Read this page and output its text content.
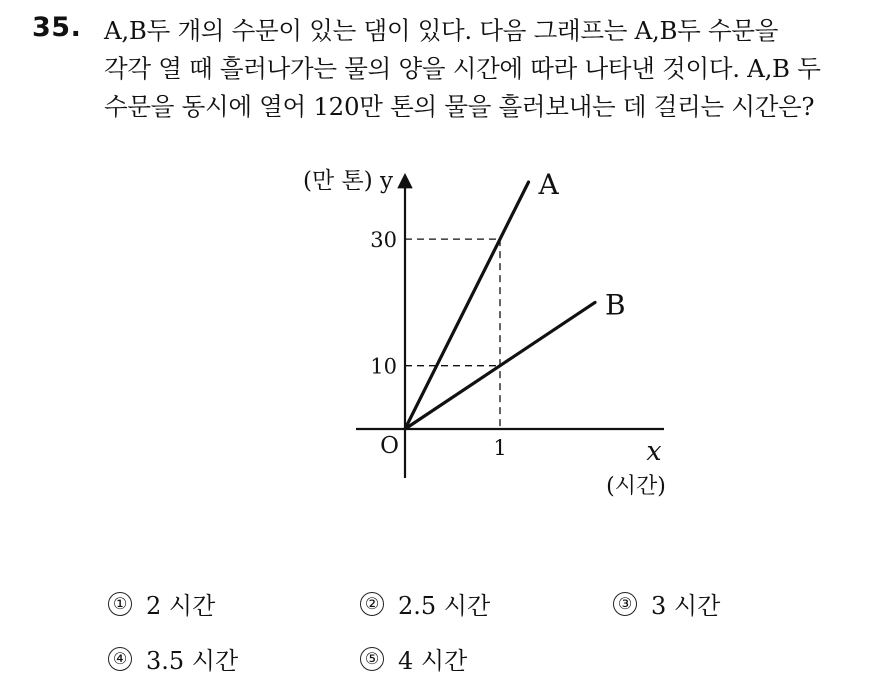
35. A,B두 개의 수문이 있는 댐이 있다. 다음 그래프는 A,B두 수문을
각각 열 때 흘러나가는 물의 양을 시간에 따라 나타낸 것이다. A,B 두
수문을 동시에 열어 120만 톤의 물을 흘러보내는 데 걸리는 시간은?
A
B
10
30
1
O
(만 톤) y
x
(시간)
① 2 시간	② 2.5 시간	③ 3 시간
④ 3.5 시간	⑤ 4 시간
